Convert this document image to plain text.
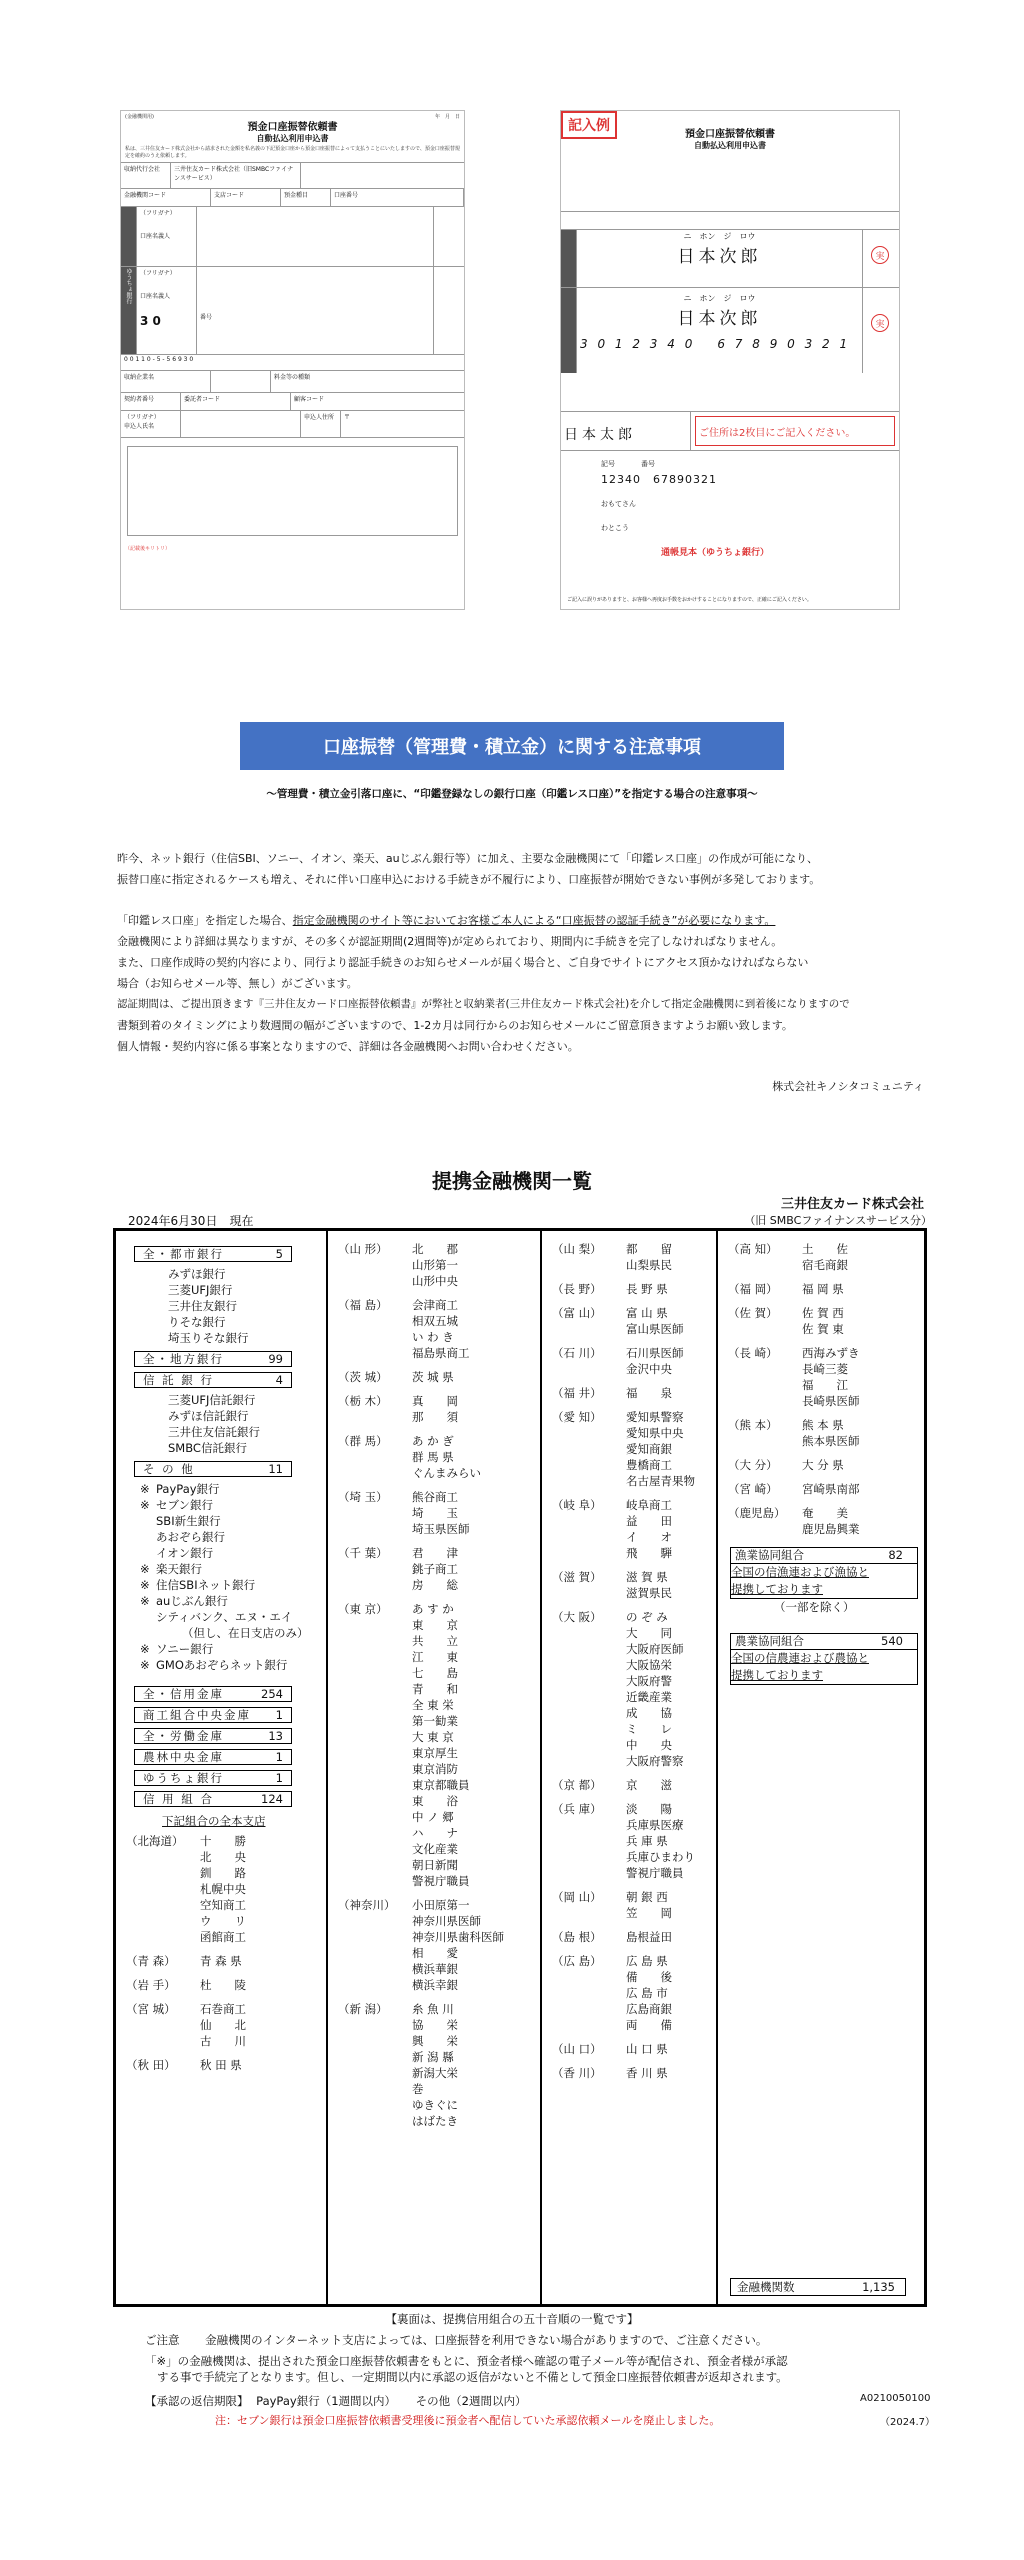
(金融機関用)	年　月　日
預金口座振替依頼書
自動払込利用申込書
私は、三井住友カード株式会社から請求された金額を私名義の下記預金口座から預金口座振替によって支払うことにいたしますので、預金口座振替規定を確約のうえ依頼します。
収納代行会社	三井住友カード株式会社（旧SMBCファイナンスサービス）
金融機関コード	支店コード	預金種目	口座番号
（フリガナ）
口座名義人
ゆうちょ銀行	（フリガナ）
口座名義人
3 0	番号
0 0 1 1 0 - 5 - 5 6 9 3 0
収納企業名	料金等の種類
契約者番号	委託者コード	顧客コード
（フリガナ）
申込人氏名
申込人住所	〒
（記載後キリトリ）
記入例
預金口座振替依頼書
自動払込利用申込書
ニ　ホン　ジ　ロウ
日本次郎	実
ニ　ホン　ジ　ロウ
日本次郎
3 0 1 2 3 4 0 6 7 8 9 0 3 2 1
実
日本太郎	ご住所は2枚目にご記入ください。
記号	番号
12340　67890321
おもてさん
わとこう
通帳見本（ゆうちょ銀行）
ご記入に誤りがありますと、お客様へ再度お手数をおかけすることになりますので、正確にご記入ください。
口座振替（管理費・積立金）に関する注意事項
～管理費・積立金引落口座に、“印鑑登録なしの銀行口座（印鑑レス口座）”を指定する場合の注意事項～
昨今、ネット銀行（住信SBI、ソニー、イオン、楽天、auじぶん銀行等）に加え、主要な金融機関にて「印鑑レス口座」の作成が可能になり、
振替口座に指定されるケースも増え、それに伴い口座申込における手続きが不履行により、口座振替が開始できない事例が多発しております。
「印鑑レス口座」を指定した場合、指定金融機関のサイト等においてお客様ご本人による“口座振替の認証手続き”が必要になります。
金融機関により詳細は異なりますが、その多くが認証期間(2週間等)が定められており、期間内に手続きを完了しなければなりません。
また、口座作成時の契約内容により、同行より認証手続きのお知らせメールが届く場合と、ご自身でサイトにアクセス頂かなければならない
場合（お知らせメール等、無し）がございます。
認証期間は、ご提出頂きます『三井住友カード口座振替依頼書』が弊社と収納業者(三井住友カード株式会社)を介して指定金融機関に到着後になりますので
書類到着のタイミングにより数週間の幅がございますので、1-2カ月は同行からのお知らせメールにご留意頂きますようお願い致します。
個人情報・契約内容に係る事案となりますので、詳細は各金融機関へお問い合わせください。
株式会社キノシタコミュニティ
提携金融機関一覧
三井住友カード株式会社
2024年6月30日　現在	（旧 SMBCファイナンスサービス分）
全・都市銀行	5
みずほ銀行
三菱UFJ銀行
三井住友銀行
りそな銀行
埼玉りそな銀行
全・地方銀行	99
信 託 銀 行	4
三菱UFJ信託銀行
みずほ信託銀行
三井住友信託銀行
SMBC信託銀行
そ の 他	11
※ PayPay銀行
※ セブン銀行
SBI新生銀行
あおぞら銀行
イオン銀行
※ 楽天銀行
※ 住信SBIネット銀行
※ auじぶん銀行
シティバンク、エヌ・エイ
（但し、在日支店のみ）
※ ソニー銀行
※ GMOあおぞらネット銀行
全・信用金庫	254
商工組合中央金庫 1
全・労働金庫	13
農林中央金庫	1
ゆうちょ銀行	1
信 用 組 合	124
下記組合の全本支店
（北海道）	十　　勝
北　　央
釧　　路
札幌中央
空知商工
ウ　　リ
函館商工
（青 森）	青 森 県
（岩 手）	杜　　陵
（宮 城）	石巻商工
仙　　北
古　　川
（秋 田）	秋 田 県
（山 形）	北　　郡
山形第一
山形中央
（福 島）	会津商工
相双五城
い わ き
福島県商工
（茨 城）	茨 城 県
（栃 木）	真　　岡
那　　須
（群 馬）	あ か ぎ
群 馬 県
ぐんまみらい
（埼 玉）	熊谷商工
埼　　玉
埼玉県医師
（千 葉）	君　　津
銚子商工
房　　総
（東 京）	あ す か
東　　京
共　　立
江　　東
七　　島
青　　和
全 東 栄
第一勧業
大 東 京
東京厚生
東京消防
東京都職員
東　　浴
中 ノ 郷
ハ　　ナ
文化産業
朝日新聞
警視庁職員
（神奈川）	小田原第一
神奈川県医師
神奈川県歯科医師
相　　愛
横浜華銀
横浜幸銀
（新 潟）	糸 魚 川
協　　栄
興　　栄
新 潟 縣
新潟大栄
巻
ゆきぐに
はばたき
（山 梨）	都　　留
山梨県民
（長 野）	長 野 県
（富 山）	富 山 県
富山県医師
（石 川）	石川県医師
金沢中央
（福 井）	福　　泉
（愛 知）	愛知県警察
愛知県中央
愛知商銀
豊橋商工
名古屋青果物
（岐 阜）	岐阜商工
益　　田
イ　　オ
飛　　騨
（滋 賀）	滋 賀 県
滋賀県民
（大 阪）	の ぞ み
大　　同
大阪府医師
大阪協栄
大阪府警
近畿産業
成　　協
ミ　　レ
中　　央
大阪府警察
（京 都）	京　　滋
（兵 庫）	淡　　陽
兵庫県医療
兵 庫 県
兵庫ひまわり
警視庁職員
（岡 山）	朝 銀 西
笠　　岡
（島 根）	島根益田
（広 島）	広 島 県
備　　後
広 島 市
広島商銀
両　　備
（山 口）	山 口 県
（香 川）	香 川 県
（高 知）	土　　佐
宿毛商銀
（福 岡）	福 岡 県
（佐 賀）	佐 賀 西
佐 賀 東
（長 崎）	西海みずき
長崎三菱
福　　江
長崎県医師
（熊 本）	熊 本 県
熊本県医師
（大 分）	大 分 県
（宮 崎）	宮崎県南部
（鹿児島）	奄　　美
鹿児島興業
漁業協同組合	82
全国の信漁連および漁協と
提携しております
（一部を除く）
農業協同組合	540
全国の信農連および農協と
提携しております
金融機関数	1,135
【裏面は、提携信用組合の五十音順の一覧です】
ご注意 金融機関のインターネット支店によっては、口座振替を利用できない場合がありますので、ご注意ください。
「※」の金融機関は、提出された預金口座振替依頼書をもとに、預金者様へ確認の電子メール等が配信され、預金者様が承認
する事で手続完了となります。但し、一定期間以内に承認の返信がないと不備として預金口座振替依頼書が返却されます。
【承認の返信期限】 PayPay銀行（1週間以内） その他（2週間以内）	A0210050100
注：セブン銀行は預金口座振替依頼書受理後に預金者へ配信していた承認依頼メールを廃止しました。	（2024.7）
